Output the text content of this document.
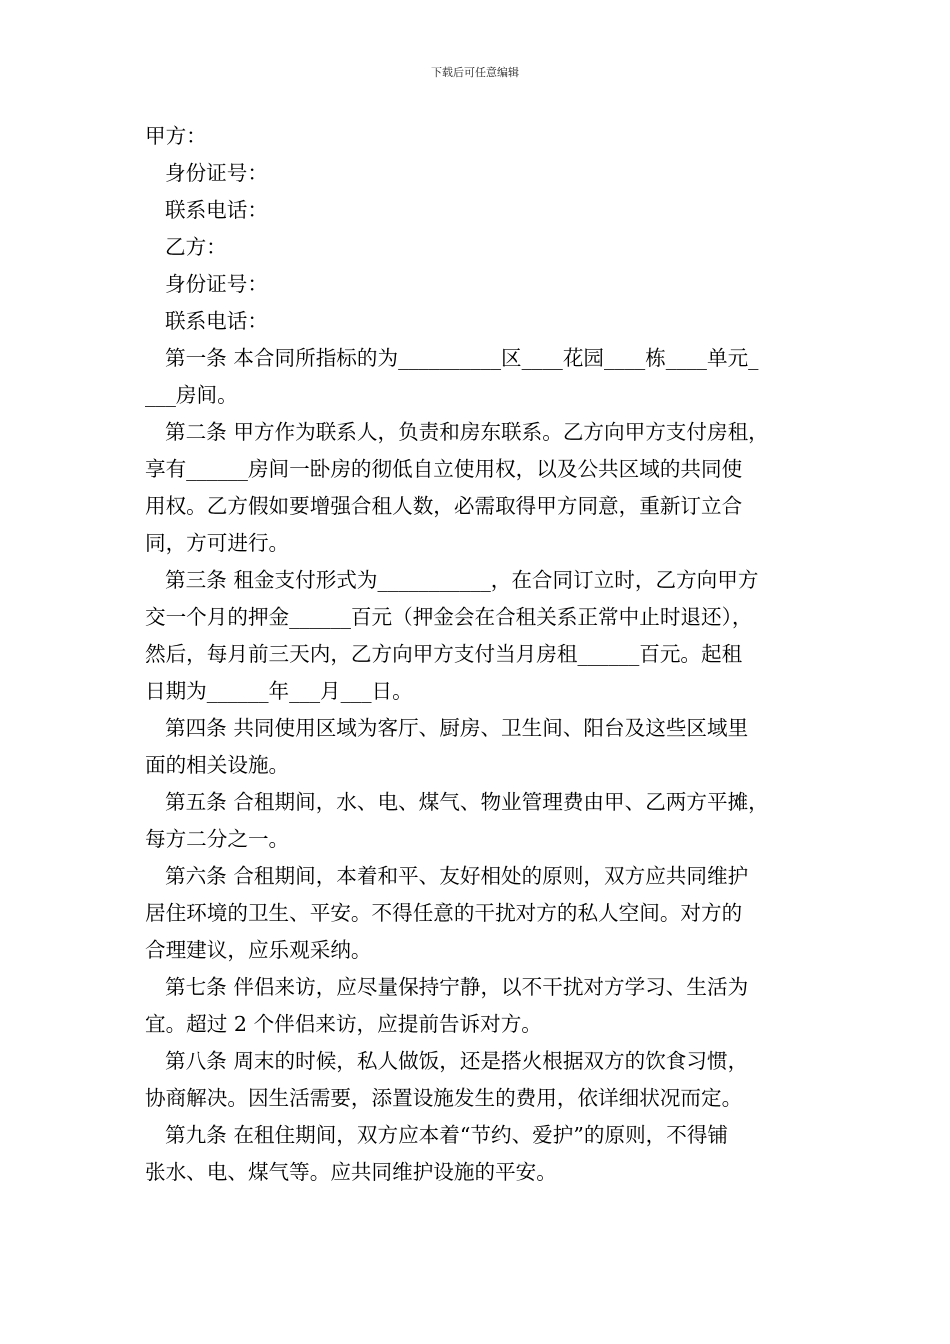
下载后可任意编辑
甲方：
身份证号：
联系电话：
乙方：
身份证号：
联系电话：
第一条 本合同所指标的为__________区____花园____栋____单元_
___房间。
第二条 甲方作为联系人，负责和房东联系。乙方向甲方支付房租，
享有______房间一卧房的彻低自立使用权，以及公共区域的共同使
用权。乙方假如要增强合租人数，必需取得甲方同意，重新订立合
同，方可进行。
第三条 租金支付形式为___________，在合同订立时，乙方向甲方
交一个月的押金______百元（押金会在合租关系正常中止时退还），
然后，每月前三天内，乙方向甲方支付当月房租______百元。起租
日期为______年___月___日。
第四条 共同使用区域为客厅、厨房、卫生间、阳台及这些区域里
面的相关设施。
第五条 合租期间，水、电、煤气、物业管理费由甲、乙两方平摊，
每方二分之一。
第六条 合租期间，本着和平、友好相处的原则，双方应共同维护
居住环境的卫生、平安。不得任意的干扰对方的私人空间。对方的
合理建议，应乐观采纳。
第七条 伴侣来访，应尽量保持宁静，以不干扰对方学习、生活为
宜。超过 2 个伴侣来访，应提前告诉对方。
第八条 周末的时候，私人做饭，还是搭火根据双方的饮食习惯，
协商解决。因生活需要，添置设施发生的费用，依详细状况而定。
第九条 在租住期间，双方应本着“节约、爱护”的原则，不得铺
张水、电、煤气等。应共同维护设施的平安。
